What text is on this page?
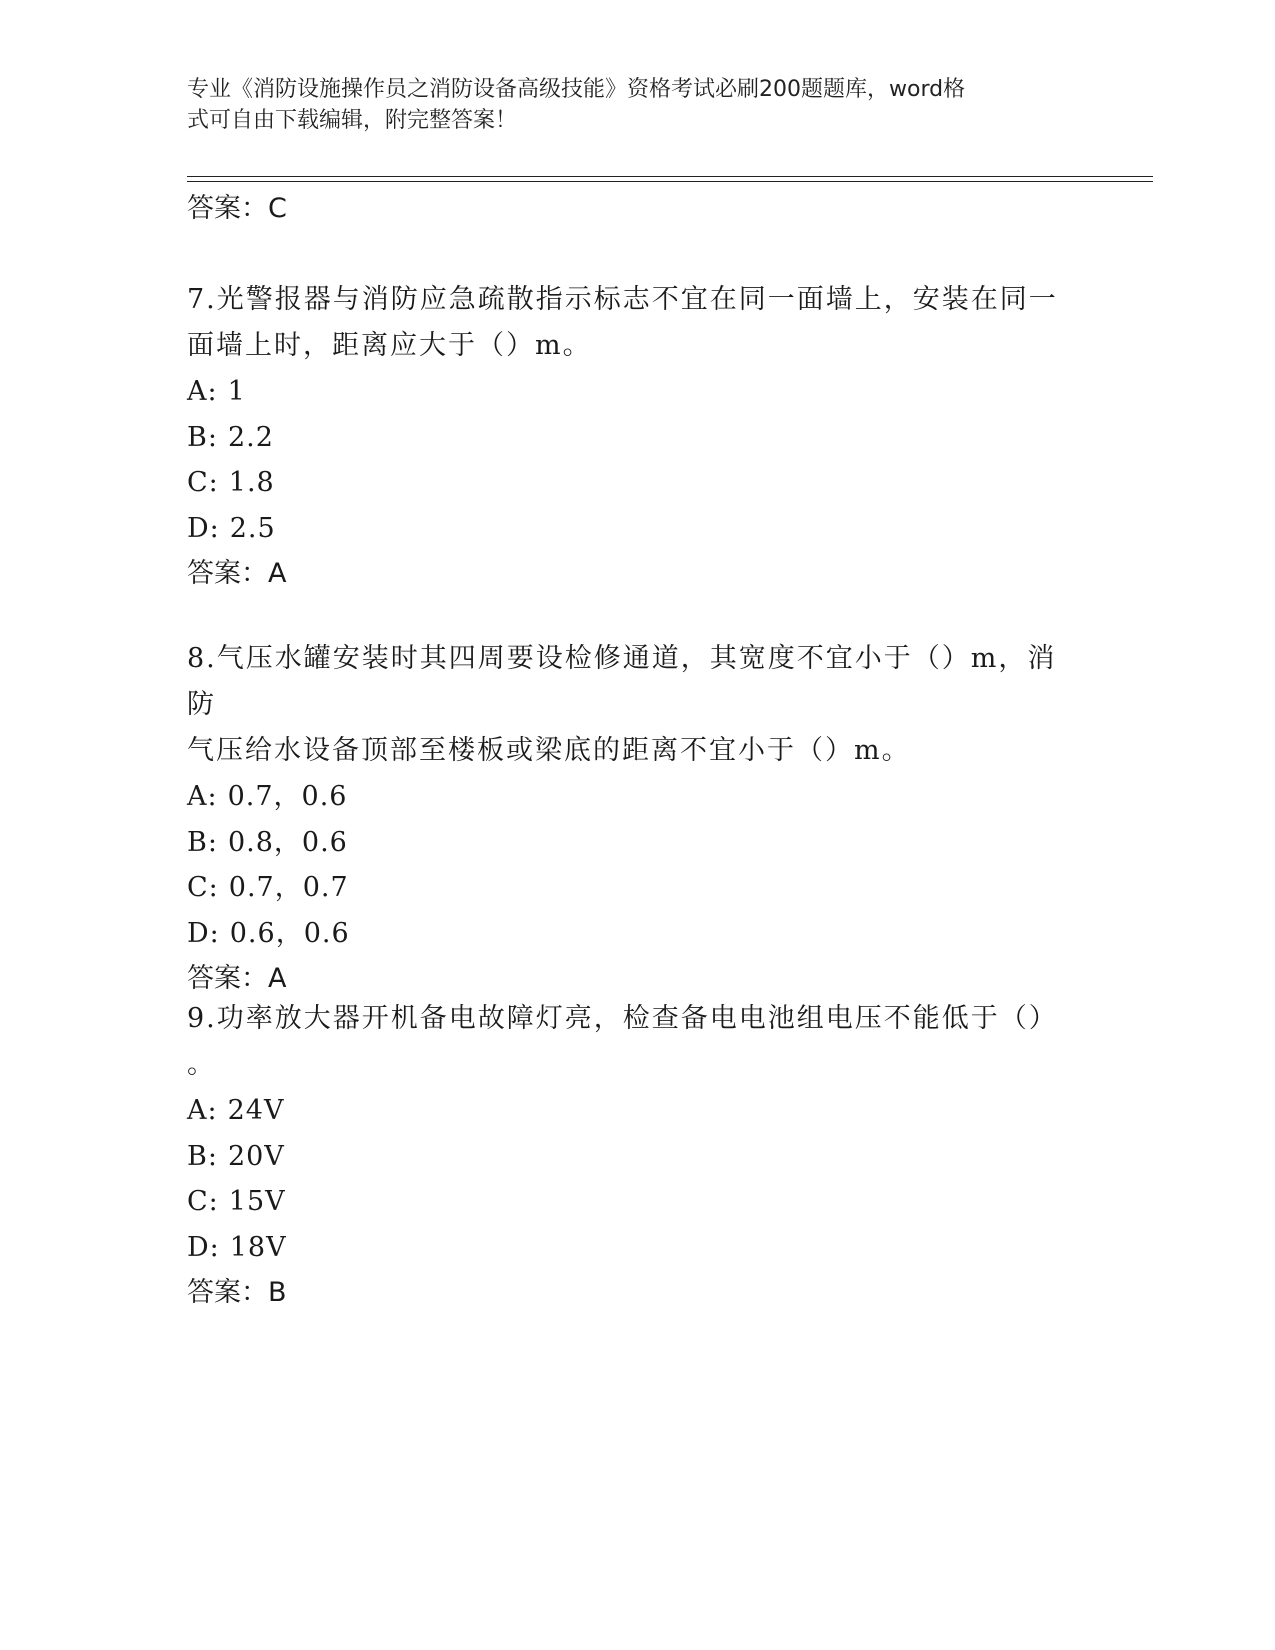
专业《消防设施操作员之消防设备高级技能》资格考试必刷200题题库，word格
式可自由下载编辑，附完整答案！
答案：C
7.光警报器与消防应急疏散指示标志不宜在同一面墙上，安装在同一
面墙上时，距离应大于（）m。
A: 1
B: 2.2
C: 1.8
D: 2.5
答案：A
8.气压水罐安装时其四周要设检修通道，其宽度不宜小于（）m，消防
气压给水设备顶部至楼板或梁底的距离不宜小于（）m。
A: 0.7，0.6
B: 0.8，0.6
C: 0.7，0.7
D: 0.6，0.6
答案：A
9.功率放大器开机备电故障灯亮，检查备电电池组电压不能低于（）
。
A: 24V
B: 20V
C: 15V
D: 18V
答案：B
